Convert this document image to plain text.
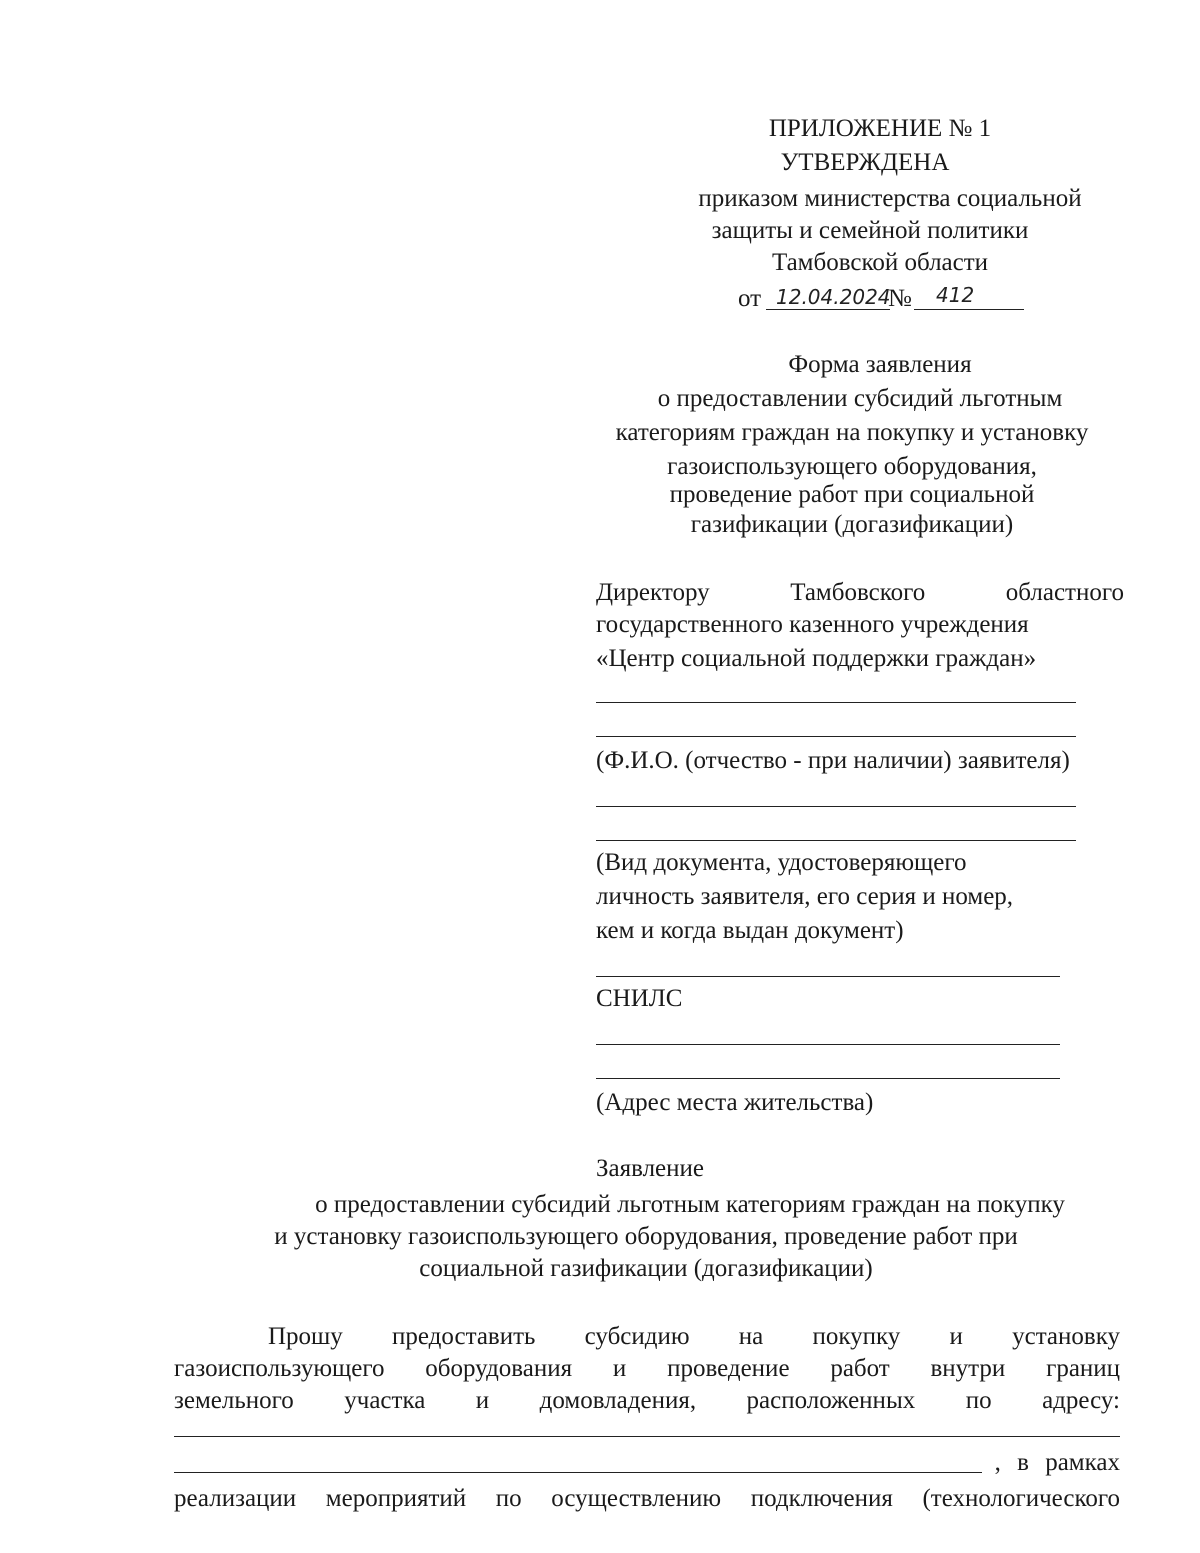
ПРИЛОЖЕНИЕ № 1
УТВЕРЖДЕНА
приказом министерства социальной
защиты и семейной политики
Тамбовской области
от 12.04.2024
№ 412
Форма заявления
о предоставлении субсидий льготным
категориям граждан на покупку и установку
газоиспользующего оборудования,
проведение работ при социальной
газификации (догазификации)
Директору	Тамбовского	областного
государственного казенного учреждения
«Центр социальной поддержки граждан»
(Ф.И.О. (отчество - при наличии) заявителя)
(Вид документа, удостоверяющего
личность заявителя, его серия и номер,
кем и когда выдан документ)
СНИЛС
(Адрес места жительства)
Заявление
о предоставлении субсидий льготным категориям граждан на покупку
и установку газоиспользующего оборудования, проведение работ при
социальной газификации (догазификации)
Прошу предоставить субсидию на покупку и установку
газоиспользующего оборудования и проведение работ внутри границ
земельного участка и домовладения, расположенных по адресу:
, в рамках
реализации мероприятий по осуществлению подключения (технологического
